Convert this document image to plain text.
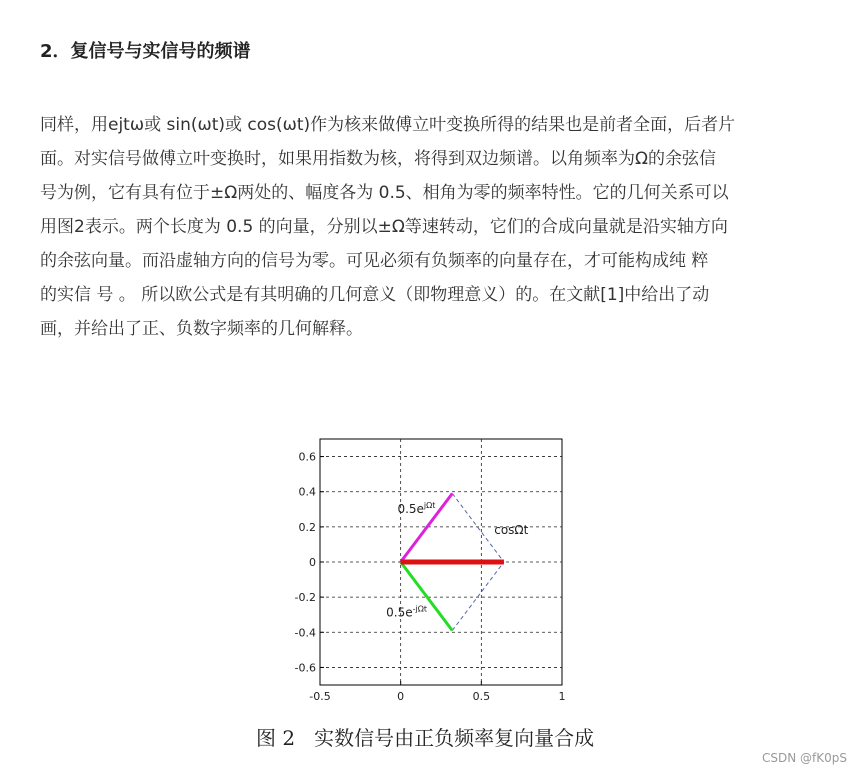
2．复信号与实信号的频谱
同样，用ejtω或 sin(ωt)或 cos(ωt)作为核来做傅立叶变换所得的结果也是前者全面，后者片
面。对实信号做傅立叶变换时，如果用指数为核，将得到双边频谱。以角频率为Ω的余弦信
号为例，它有具有位于±Ω两处的、幅度各为 0.5、相角为零的频率特性。它的几何关系可以
用图2表示。两个长度为 0.5 的向量，分别以±Ω等速转动，它们的合成向量就是沿实轴方向
的余弦向量。而沿虚轴方向的信号为零。可见必须有负频率的向量存在，才可能构成纯 粹
的实信 号 。 所以欧公式是有其明确的几何意义（即物理意义）的。在文献[1]中给出了动
画，并给出了正、负数字频率的几何解释。
-0.5	0	0.5	1
0.6
0.4
0.2
0
-0.2
-0.4
-0.6
$0.5e^{j\Omega t}$
cosΩt
$0.5e^{-j\Omega t}$
图 2   实数信号由正负频率复向量合成
CSDN @fK0pS
